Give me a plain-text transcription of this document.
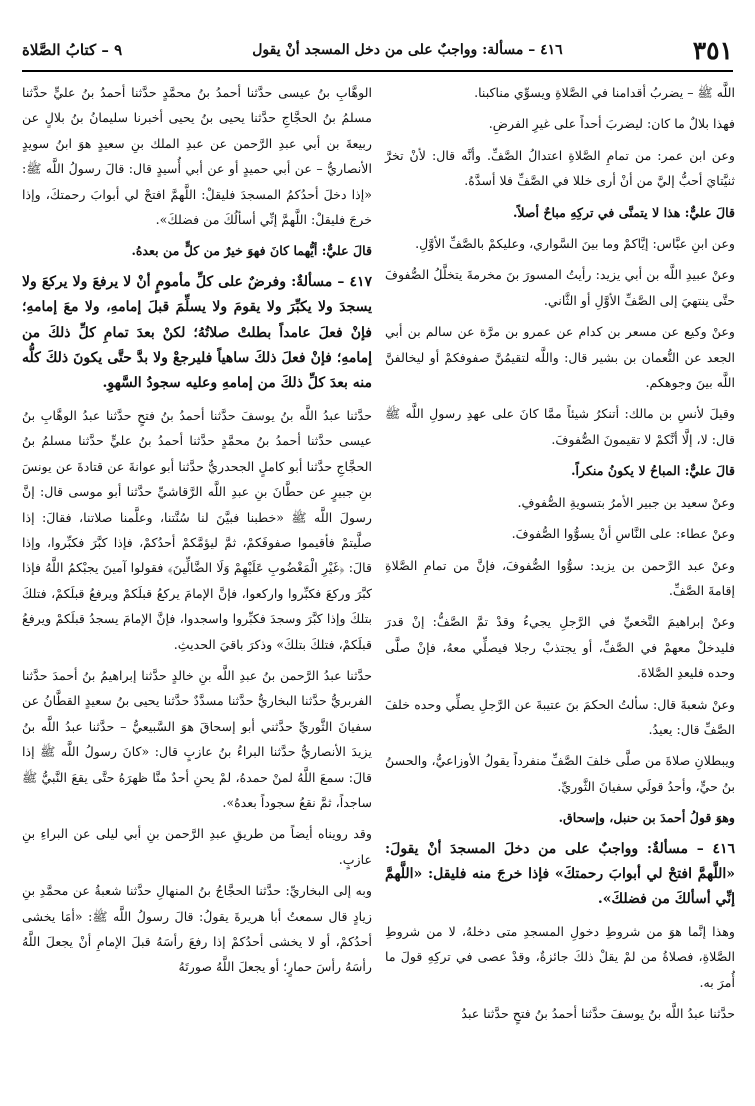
٣٥١
٤١٦ – مسألة: وواجبٌ على من دخل المسجد أنْ يقول
٩ – كتابُ الصَّلاة

اللَّه ﷺ – يضربُ أقدامنا في الصَّلاةِ ويسوِّي مناكبنا.

فهذا بلالٌ ما كان: ليضربَ أحداً على غيرِ الفرضِ.

وعن ابن عمر: من تمامِ الصَّلاةِ اعتدالُ الصَّفِّ. وأنَّه قال: لأنْ تخرَّ ثنيَّتايَ أحبُّ إليَّ من أنْ أرى خللا في الصَّفِّ فلا أسدَّهُ.

قالَ عليٌّ: هذا لا يتمنَّى في تركِهِ مباحٌ أصلاً.

وعن ابنِ عبَّاس: إيَّاكمْ وما بينَ السَّواري، وعليكمْ بالصَّفِّ الأوَّلِ.

وعنْ عبيدِ اللَّه بن أبي يزيد: رأيتُ المسورَ بنَ مخرمةَ يتخلَّلُ الصُّفوفَ حتَّى ينتهيَ إلى الصَّفِّ الأوَّلِ أو الثَّاني.

وعنْ وكيع عن مسعر بن كدام عن عمرو بن مرَّة عن سالم بن أبي الجعد عن النُّعمان بن بشير قال: واللَّه لتقيمُنَّ صفوفكمْ أو ليخالفنَّ اللَّه بينَ وجوهكم.

وقيلَ لأنسِ بن مالك: أتنكرُ شيئاً ممَّا كانَ على عهدِ رسولِ اللَّه ﷺ قال: لا، إلَّا أنَّكمْ لا تقيمونَ الصُّفوفَ.

قالَ عليٌّ: المباحُ لا يكونُ منكراً.

وعنْ سعيد بن جبير الأمرُ بتسويةِ الصُّفوفِ.

وعنْ عطاء: على النَّاسِ أنْ يسوُّوا الصُّفوفَ.

وعنْ عبد الرَّحمن بن يزيد: سوُّوا الصُّفوفَ، فإنَّ من تمامِ الصَّلاةِ إقامةَ الصَّفِّ.

وعنْ إبراهيمَ النَّخعيِّ في الرَّجلِ يجيءُ وقدْ تمَّ الصَّفُّ: إنْ قدرَ فليدخلْ معهمْ في الصَّفِّ، أو يجتذبْ رجلا فيصلِّي معهُ، فإنْ صلَّى وحده فليعدِ الصَّلاةَ.

وعنْ شعبةَ قال: سألتُ الحكمَ بنَ عتيبةَ عن الرَّجلِ يصلِّي وحده خلفَ الصَّفِّ قال: يعيدُ.

ويبطلانِ صلاةَ من صلَّى خلفَ الصَّفِّ منفرداً يقولُ الأوزاعيُّ، والحسنُ بنُ حيٍّ، وأحدُ قولَي سفيانَ الثَّوريِّ.

وهوَ قولُ أحمدَ بن حنبل، وإسحاق.

٤١٦ – مسألةٌ: وواجبٌ على من دخلَ المسجدَ أنْ يقولَ: «اللَّهمَّ افتحْ لي أبوابَ رحمتكَ» فإذا خرجَ منه فليقل: «اللَّهمَّ إنِّي أسألكَ من فضلكَ».

وهذا إنَّما هوَ من شروطِ دخولِ المسجدِ متى دخلهُ، لا من شروطِ الصَّلاةِ، فصلاةُ من لمْ يقلْ ذلكَ جائزةٌ، وقدْ عصى في تركِهِ قولَ ما أُمرَ به.

حدَّثنا عبدُ اللَّه بنُ يوسفَ حدَّثنا أحمدُ بنُ فتحٍ حدَّثنا عبدُ

الوهَّابِ بنُ عيسى حدَّثنا أحمدُ بنُ محمَّدٍ حدَّثنا أحمدُ بنُ عليٍّ حدَّثنا مسلمُ بنُ الحجَّاجِ حدَّثنا يحيى بنُ يحيى أخبرنا سليمانُ بنُ بلالٍ عن ربيعةَ بن أبي عبدِ الرَّحمن عن عبدِ الملك بنِ سعيدٍ هوَ ابنُ سويدٍ الأنصاريُّ – عن أبي حميدٍ أو عن أبي أُسيدٍ قال: قالَ رسولُ اللَّه ﷺ: «إذا دخلَ أحدُكمُ المسجدَ فليقلْ: اللَّهمَّ افتحْ لي أبوابَ رحمتكَ، وإذا خرجَ فليقلْ: اللَّهمَّ إنِّي أسألُكَ من فضلكَ».

قالَ عليٌّ: أيُّهما كانَ فهوَ خيرٌ من كلٍّ من بعدهُ.

٤١٧ – مسألةٌ: وفرضٌ على كلِّ مأمومٍ أنْ لا يرفعَ ولا يركعَ ولا يسجدَ ولا يكبِّرَ ولا يقومَ ولا يسلِّمَ قبلَ إمامهِ، ولا معَ إمامهِ؛ فإنْ فعلَ عامداً بطلتْ صلاتُهُ؛ لكنْ بعدَ تمامِ كلِّ ذلكَ من إمامهِ؛ فإنْ فعلَ ذلكَ ساهياً فليرجعْ ولا بدَّ حتَّى يكونَ ذلكَ كلُّه منه بعدَ كلِّ ذلكَ من إمامهِ وعليه سجودُ السَّهوِ.

حدَّثنا عبدُ اللَّه بنُ يوسفَ حدَّثنا أحمدُ بنُ فتحٍ حدَّثنا عبدُ الوهَّابِ بنُ عيسى حدَّثنا أحمدُ بنُ محمَّدٍ حدَّثنا أحمدُ بنُ عليٍّ حدَّثنا مسلمُ بنُ الحجَّاجِ حدَّثنا أبو كاملٍ الجحدريُّ حدَّثنا أبو عوانةَ عن قتادةَ عن يونسَ بنِ جبيرٍ عن حطَّانَ بنِ عبدِ اللَّه الرَّقاشيِّ حدَّثنا أبو موسى قال: إنَّ رسولَ اللَّه ﷺ «خطبنا فبيَّنَ لنا سُنَّتنا، وعلَّمنا صلاتنا، فقالَ: إذا صلَّيتمْ فأقيموا صفوفَكمْ، ثمَّ ليؤمَّكمْ أحدُكمْ، فإذا كبَّرَ فكبِّروا، وإذا قالَ: ﴿غَيْرِ الْمَغْضُوبِ عَلَيْهِمْ وَلَا الضَّالِّينَ﴾ فقولوا آمينَ يجبْكمُ اللَّهُ فإذا كبَّرَ وركعَ فكبِّروا واركعوا، فإنَّ الإمامَ يركعُ قبلَكمْ ويرفعُ قبلَكمْ، فتلكَ بتلكَ وإذا كبَّرَ وسجدَ فكبِّروا واسجدوا، فإنَّ الإمامَ يسجدُ قبلَكمْ ويرفعُ قبلَكمْ، فتلكَ بتلكَ» وذكرَ باقيَ الحديثِ.

حدَّثنا عبدُ الرَّحمن بنُ عبدِ اللَّه بنِ خالدٍ حدَّثنا إبراهيمُ بنُ أحمدَ حدَّثنا الفربريُّ حدَّثنا البخاريُّ حدَّثنا مسدَّدٌ حدَّثنا يحيى بنُ سعيدٍ القطَّانُ عن سفيانَ الثَّوريِّ حدَّثني أبو إسحاقَ هوَ السَّبيعيُّ – حدَّثنا عبدُ اللَّه بنُ يزيدَ الأنصاريُّ حدَّثنا البراءُ بنُ عازبٍ قال: «كانَ رسولُ اللَّه ﷺ إذا قالَ: سمعَ اللَّهُ لمنْ حمدهُ، لمْ يحنِ أحدٌ منَّا ظهرَهُ حتَّى يقعَ النَّبيُّ ﷺ ساجداً، ثمَّ نقعُ سجوداً بعدهُ».

وقد رويناه أيضاً من طريقِ عبدِ الرَّحمن بنِ أبي ليلى عن البراءِ بنِ عازبٍ.

وبه إلى البخاريِّ: حدَّثنا الحجَّاجُ بنُ المنهالِ حدَّثنا شعبةُ عن محمَّدِ بنِ زيادٍ قال سمعتُ أبا هريرةَ يقولُ: قالَ رسولُ اللَّه ﷺ: «أمَا يخشى أحدُكمْ، أو لا يخشى أحدُكمْ إذا رفعَ رأسَهُ قبلَ الإمامِ أنْ يجعلَ اللَّهُ رأسَهُ رأسَ حمارٍ؛ أو يجعلَ اللَّهُ صورتَهُ
